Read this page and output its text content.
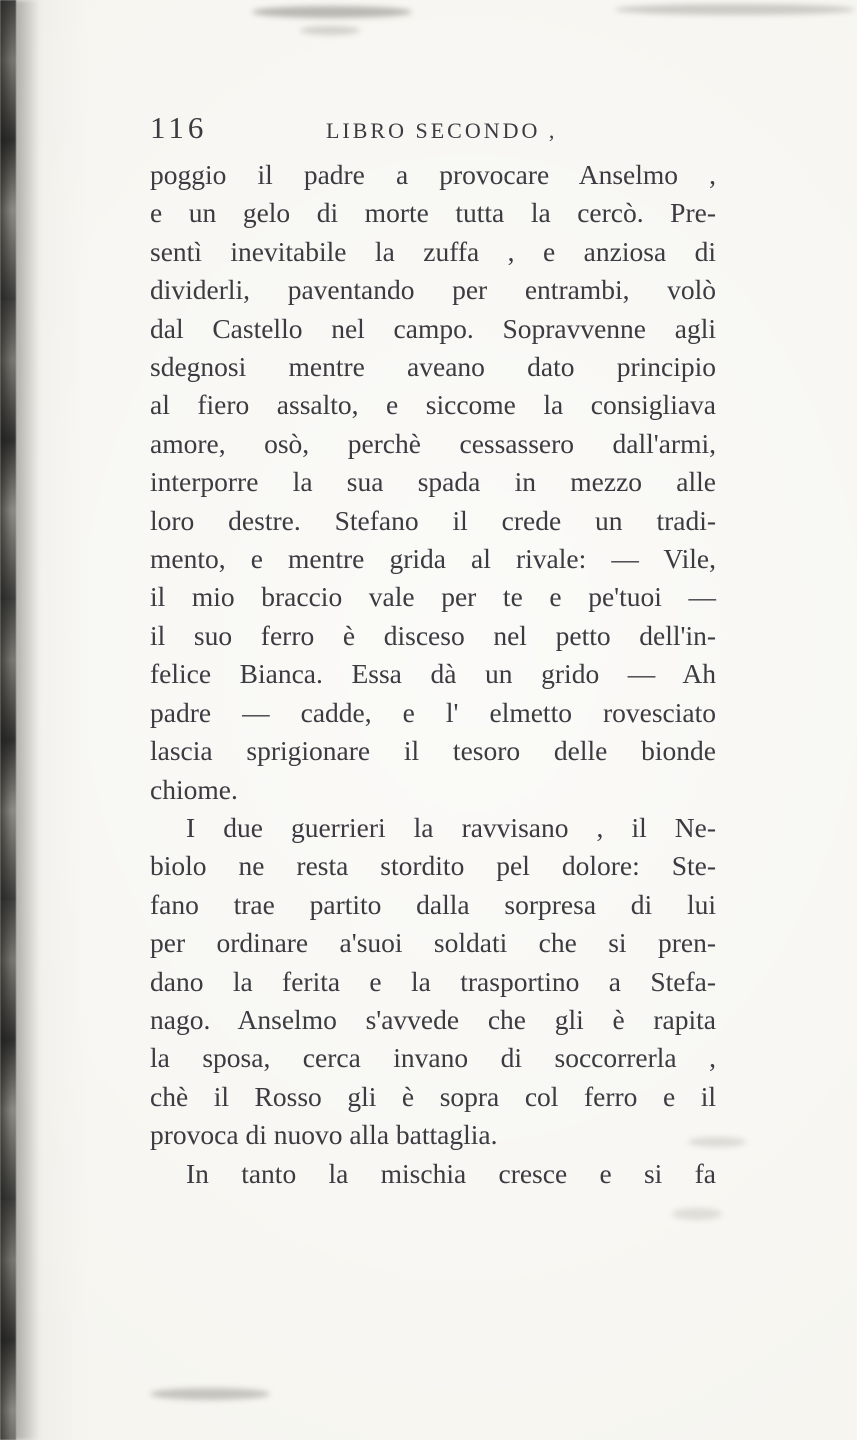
116	LIBRO SECONDO ,
poggio il padre a provocare Anselmo ,
e un gelo di morte tutta la cercò. Pre-
sentì inevitabile la zuffa , e anziosa di
dividerli, paventando per entrambi, volò
dal Castello nel campo. Sopravvenne agli
sdegnosi mentre aveano dato principio
al fiero assalto, e siccome la consigliava
amore, osò, perchè cessassero dall'armi,
interporre la sua spada in mezzo alle
loro destre. Stefano il crede un tradi-
mento, e mentre grida al rivale: — Vile,
il mio braccio vale per te e pe'tuoi —
il suo ferro è disceso nel petto dell'in-
felice Bianca. Essa dà un grido — Ah
padre — cadde, e l' elmetto rovesciato
lascia sprigionare il tesoro delle bionde
chiome.
I due guerrieri la ravvisano , il Ne-
biolo ne resta stordito pel dolore: Ste-
fano trae partito dalla sorpresa di lui
per ordinare a'suoi soldati che si pren-
dano la ferita e la trasportino a Stefa-
nago. Anselmo s'avvede che gli è rapita
la sposa, cerca invano di soccorrerla ,
chè il Rosso gli è sopra col ferro e il
provoca di nuovo alla battaglia.
In tanto la mischia cresce e si fa
